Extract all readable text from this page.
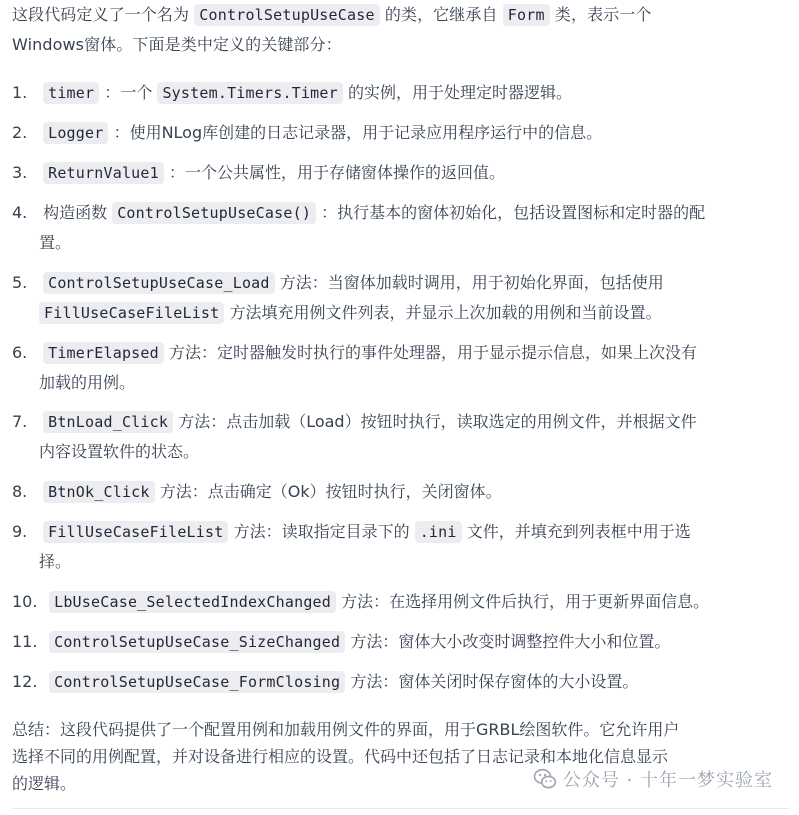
这段代码定义了一个名为 ControlSetupUseCase 的类，它继承自 Form 类，表示一个
Windows窗体。下面是类中定义的关键部分：
1. timer ：一个 System.Timers.Timer 的实例，用于处理定时器逻辑。
2. Logger ：使用NLog库创建的日志记录器，用于记录应用程序运行中的信息。
3. ReturnValue1 ：一个公共属性，用于存储窗体操作的返回值。
4. 构造函数 ControlSetupUseCase() ：执行基本的窗体初始化，包括设置图标和定时器的配
置。
5. ControlSetupUseCase_Load 方法：当窗体加载时调用，用于初始化界面，包括使用
FillUseCaseFileList 方法填充用例文件列表，并显示上次加载的用例和当前设置。
6. TimerElapsed 方法：定时器触发时执行的事件处理器，用于显示提示信息，如果上次没有
加载的用例。
7. BtnLoad_Click 方法：点击加载（Load）按钮时执行，读取选定的用例文件，并根据文件
内容设置软件的状态。
8. BtnOk_Click 方法：点击确定（Ok）按钮时执行，关闭窗体。
9. FillUseCaseFileList 方法：读取指定目录下的 .ini 文件，并填充到列表框中用于选
择。
10. LbUseCase_SelectedIndexChanged 方法：在选择用例文件后执行，用于更新界面信息。
11. ControlSetupUseCase_SizeChanged 方法：窗体大小改变时调整控件大小和位置。
12. ControlSetupUseCase_FormClosing 方法：窗体关闭时保存窗体的大小设置。
总结：这段代码提供了一个配置用例和加载用例文件的界面，用于GRBL绘图软件。它允许用户
选择不同的用例配置，并对设备进行相应的设置。代码中还包括了日志记录和本地化信息显示
的逻辑。	公众号 · 十年一梦实验室
